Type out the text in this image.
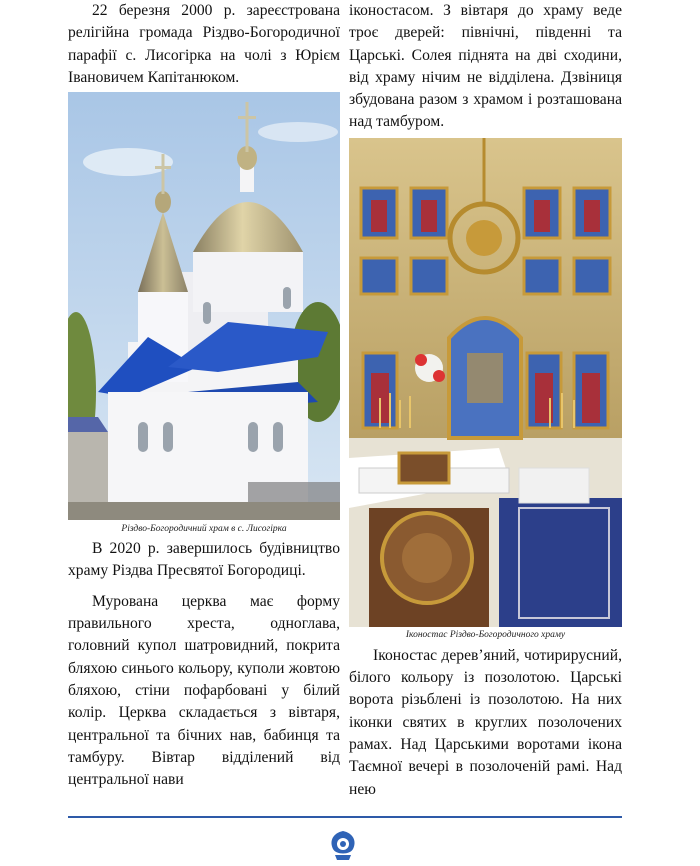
22 березня 2000 р. зареєстрована релігійна громада Різдво-Богородичної парафії с. Лисогірка на чолі з Юрієм Івановичем Капітанюком.

Різдво-Богородичний храм в с. Лисогірка

В 2020 р. завершилось будівництво храму Різдва Пресвятої Богородиці.

Мурована церква має форму правильного хреста, одноглава, головний купол шатровидний, покрита бляхою синього кольору, куполи жовтою бляхою, стіни пофарбовані у білий колір. Церква складається з вівтаря, центральної та бічних нав, бабинця та тамбуру. Вівтар відділений від центральної нави

іконостасом. З вівтаря до храму веде троє дверей: північні, південні та Царські. Солея піднята на дві сходини, від храму нічим не відділена. Дзвіниця збудована разом з храмом і розташована над тамбуром.

Іконостас Різдво-Богородичного храму

Іконостас дерев’яний, чотирирусний, білого кольору із позолотою. Царські ворота різьблені із позолотою. На них іконки святих в круглих позолочених рамах. Над Царськими воротами ікона Таємної вечері в позолоченій рамі. Над нею
